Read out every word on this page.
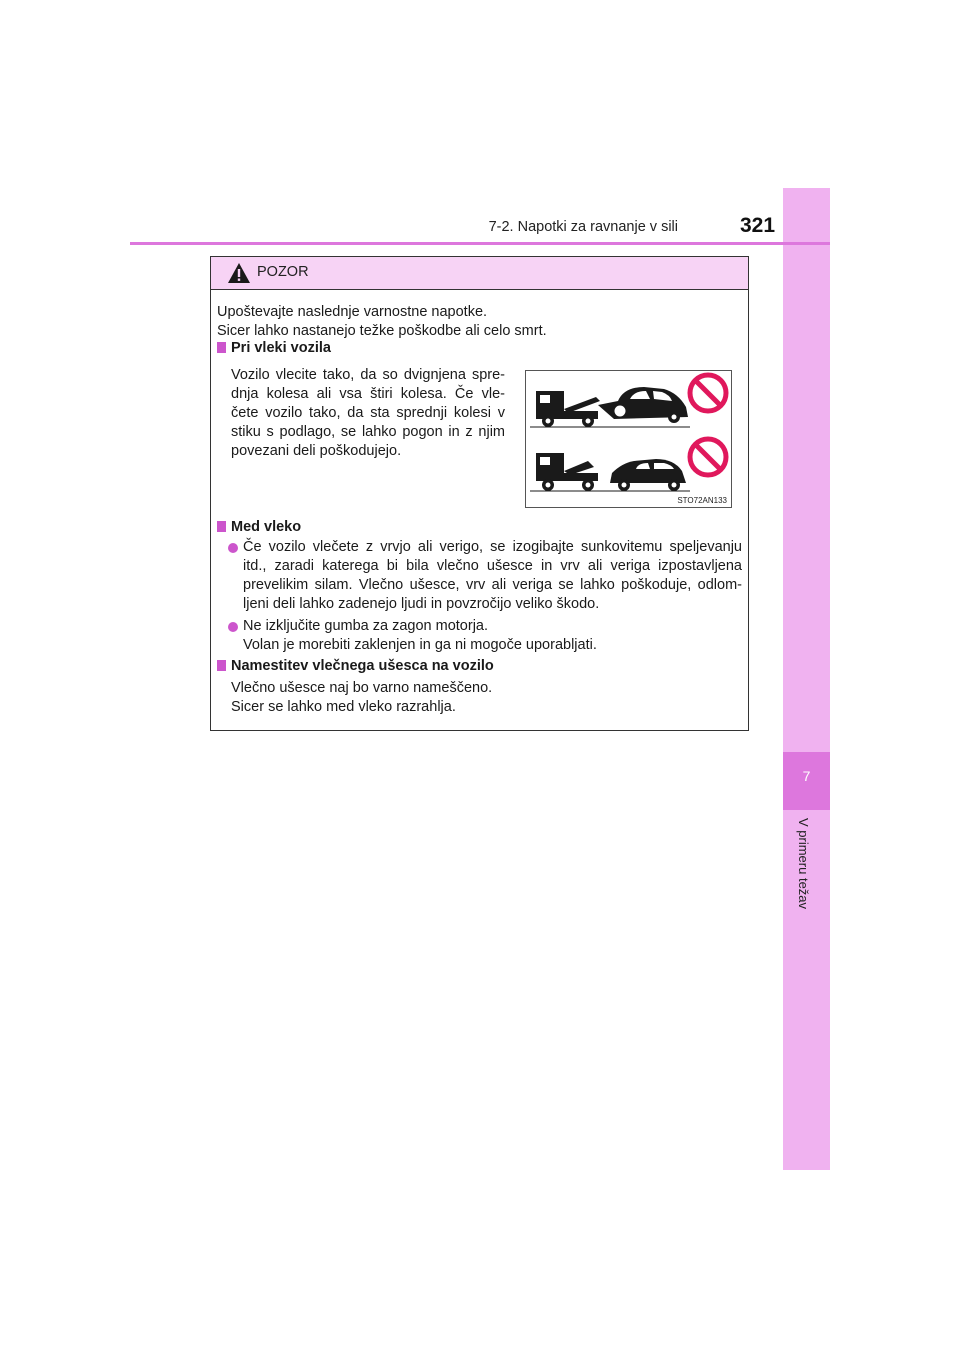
7
V primeru težav
7-2. Napotki za ravnanje v sili	321
POZOR
Upoštevajte naslednje varnostne napotke.
Sicer lahko nastanejo težke poškodbe ali celo smrt.
Pri vleki vozila
Vozilo vlecite tako, da so dvignjena spre-
dnja kolesa ali vsa štiri kolesa. Če vle-
čete vozilo tako, da sta sprednji kolesi v
stiku s podlago, se lahko pogon in z njim
povezani deli poškodujejo.
STO72AN133
Med vleko
Če vozilo vlečete z vrvjo ali verigo, se izogibajte sunkovitemu speljevanju
itd., zaradi katerega bi bila vlečno ušesce in vrv ali veriga izpostavljena
prevelikim silam. Vlečno ušesce, vrv ali veriga se lahko poškoduje, odlom-
ljeni deli lahko zadenejo ljudi in povzročijo veliko škodo.
Ne izključite gumba za zagon motorja.
Volan je morebiti zaklenjen in ga ni mogoče uporabljati.
Namestitev vlečnega ušesca na vozilo
Vlečno ušesce naj bo varno nameščeno.
Sicer se lahko med vleko razrahlja.
